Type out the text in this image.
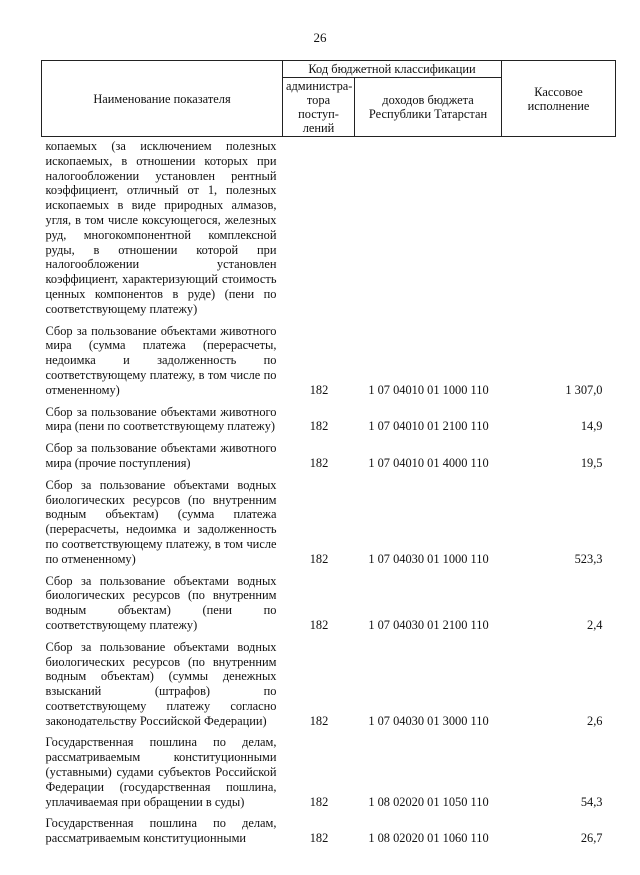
26
Наименование показателя	Код бюджетной классификации		Кассовое исполнение
	администра-тора поступ-лений	доходов бюджета Республики Татарстан	
копаемых (за исключением полезных ископаемых, в отношении которых при налогообложении установлен рентный коэффициент, отличный от 1, полезных ископаемых в виде природных алмазов, угля, в том числе коксующегося, железных руд, многокомпонентной комплексной руды, в отношении которой при налогообложении установлен коэффициент, характеризующий стоимость ценных компонентов в руде) (пени по соответствующему платежу)			
Сбор за пользование объектами животного мира (сумма платежа (перерасчеты, недоимка и задолженность по соответствующему платежу, в том числе по отмененному)	182	1 07 04010 01 1000 110	1 307,0
Сбор за пользование объектами животного мира (пени по соответствующему платежу)	182	1 07 04010 01 2100 110	14,9
Сбор за пользование объектами животного мира (прочие поступления)	182	1 07 04010 01 4000 110	19,5
Сбор за пользование объектами водных биологических ресурсов (по внутренним водным объектам) (сумма платежа (перерасчеты, недоимка и задолженность по соответствующему платежу, в том числе по отмененному)	182	1 07 04030 01 1000 110	523,3
Сбор за пользование объектами водных биологических ресурсов (по внутренним водным объектам) (пени по соответствующему платежу)	182	1 07 04030 01 2100 110	2,4
Сбор за пользование объектами водных биологических ресурсов (по внутренним водным объектам) (суммы денежных взысканий (штрафов) по соответствующему платежу согласно законодательству Российской Федерации)	182	1 07 04030 01 3000 110	2,6
Государственная пошлина по делам, рассматриваемым конституционными (уставными) судами субъектов Российской Федерации (государственная пошлина, уплачиваемая при обращении в суды)	182	1 08 02020 01 1050 110	54,3
Государственная пошлина по делам, рассматриваемым конституционными	182	1 08 02020 01 1060 110	26,7
